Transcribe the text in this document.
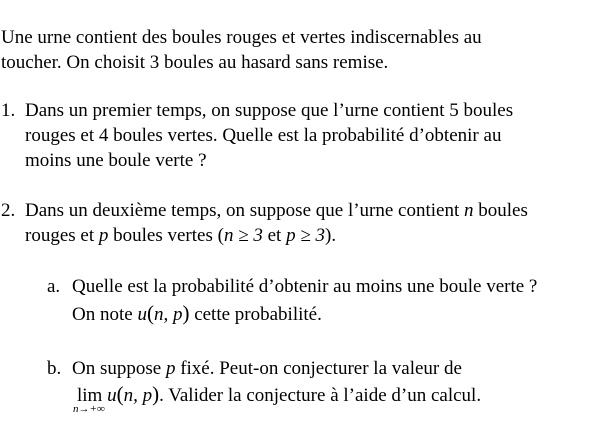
Une urne contient des boules rouges et vertes indiscernables au
toucher. On choisit 3 boules au hasard sans remise.
1. Dans un premier temps, on suppose que l’urne contient 5 boules
rouges et 4 boules vertes. Quelle est la probabilité d’obtenir au
moins une boule verte ?
2. Dans un deuxième temps, on suppose que l’urne contient n boules
rouges et p boules vertes (n ≥ 3 et p ≥ 3).
a. Quelle est la probabilité d’obtenir au moins une boule verte ?
On note u(n, p) cette probabilité.
b. On suppose p fixé. Peut-on conjecturer la valeur de
lim u(n, p). Valider la conjecture à l’aide d’un calcul.
n→+∞
